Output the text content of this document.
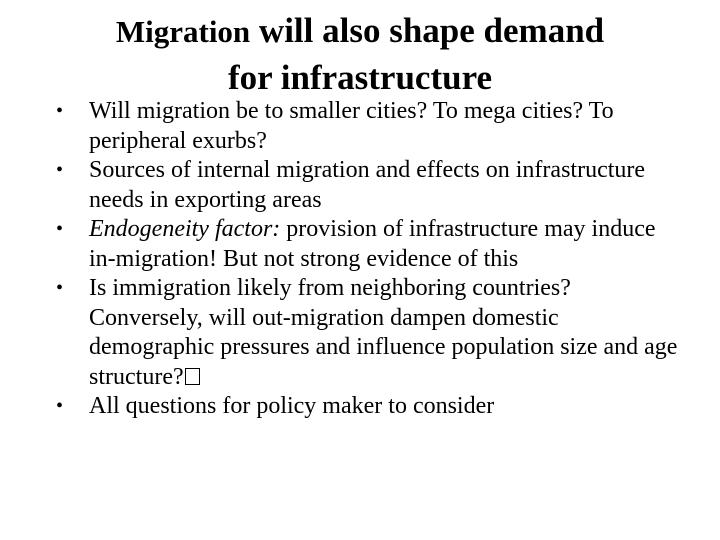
Migration will also shape demand
for infrastructure
• Will migration be to smaller cities? To mega cities? To peripheral exurbs?
• Sources of internal migration and effects on infrastructure needs in exporting areas
• Endogeneity factor: provision of infrastructure may induce in-migration! But not strong evidence of this
• Is immigration likely from neighboring countries? Conversely, will out-migration dampen domestic demographic pressures and influence population size and age structure?
• All questions for policy maker to consider
